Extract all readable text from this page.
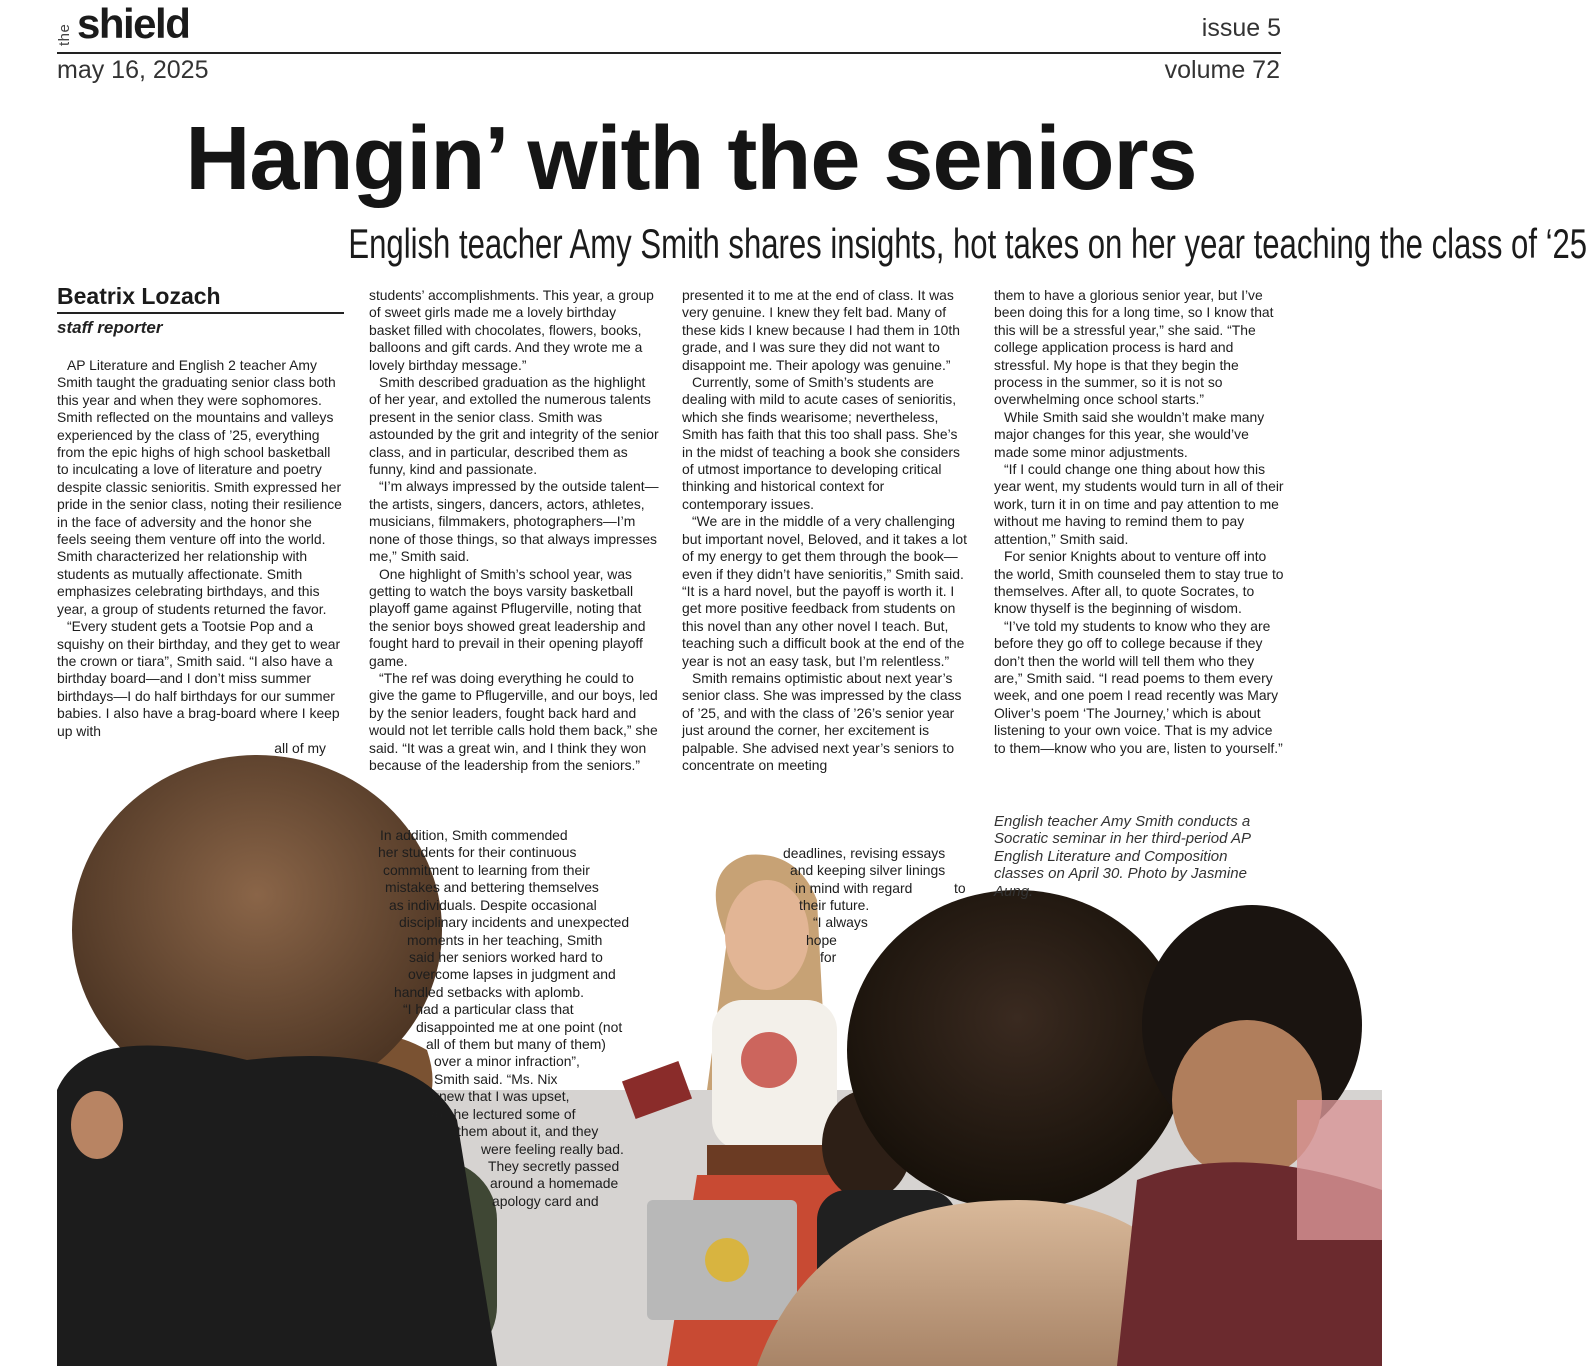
the shield	issue 5
may 16, 2025	volume 72
Hangin’ with the seniors
English teacher Amy Smith shares insights, hot takes on her year teaching the class of ‘25
Beatrix Lozach
staff reporter

AP Literature and English 2 teacher Amy Smith taught the graduating senior class both this year and when they were sophomores. Smith reflected on the mountains and valleys experienced by the class of ’25, everything from the epic highs of high school basketball to inculcating a love of literature and poetry despite classic senioritis. Smith expressed her pride in the senior class, noting their resilience in the face of adversity and the honor she feels seeing them venture off into the world. Smith characterized her relationship with students as mutually affectionate. Smith emphasizes celebrating birthdays, and this year, a group of students returned the favor.

“Every student gets a Tootsie Pop and a squishy on their birthday, and they get to wear the crown or tiara”, Smith said. “I also have a birthday board—and I don’t miss summer birthdays—I do half birthdays for our summer babies. I also have a brag-board where I keep up with

all of my

students’ accomplishments. This year, a group of sweet girls made me a lovely birthday basket filled with chocolates, flowers, books, balloons and gift cards. And they wrote me a lovely birthday message.”

Smith described graduation as the highlight of her year, and extolled the numerous talents present in the senior class. Smith was astounded by the grit and integrity of the senior class, and in particular, described them as funny, kind and passionate.

“I’m always impressed by the outside talent—the artists, singers, dancers, actors, athletes, musicians, filmmakers, photographers—I’m none of those things, so that always impresses me,” Smith said.

One highlight of Smith’s school year, was getting to watch the boys varsity basketball playoff game against Pflugerville, noting that the senior boys showed great leadership and fought hard to prevail in their opening playoff game.

“The ref was doing everything he could to give the game to Pflugerville, and our boys, led by the senior leaders, fought back hard and would not let terrible calls hold them back,” she said. “It was a great win, and I think they won because of the leadership from the seniors.”

In addition, Smith commended
her students for their continuous
commitment to learning from their
mistakes and bettering themselves
as individuals. Despite occasional
disciplinary incidents and unexpected
moments in her teaching, Smith
said her seniors worked hard to
overcome lapses in judgment and
handled setbacks with aplomb.
“I had a particular class that
disappointed me at one point (not
all of them but many of them)
over a minor infraction”,
Smith said. “Ms. Nix
knew that I was upset,
so she lectured some of
them about it, and they
were feeling really bad.
They secretly passed
around a homemade
apology card and

presented it to me at the end of class. It was very genuine. I knew they felt bad. Many of these kids I knew because I had them in 10th grade, and I was sure they did not want to disappoint me. Their apology was genuine.”

Currently, some of Smith’s students are dealing with mild to acute cases of senioritis, which she finds wearisome; nevertheless, Smith has faith that this too shall pass. She’s in the midst of teaching a book she considers of utmost importance to developing critical thinking and historical context for contemporary issues.

“We are in the middle of a very challenging but important novel, Beloved, and it takes a lot of my energy to get them through the book—even if they didn’t have senioritis,” Smith said. “It is a hard novel, but the payoff is worth it. I get more positive feedback from students on this novel than any other novel I teach. But, teaching such a difficult book at the end of the year is not an easy task, but I’m relentless.”

Smith remains optimistic about next year’s senior class. She was impressed by the class of ’25, and with the class of ’26’s senior year just around the corner, her excitement is palpable. She advised next year’s seniors to concentrate on meeting

deadlines, revising essays
and keeping silver linings
in mind with regard	to
their future.
“I always
hope
for

them to have a glorious senior year, but I’ve been doing this for a long time, so I know that this will be a stressful year,” she said. “The college application process is hard and stressful. My hope is that they begin the process in the summer, so it is not so overwhelming once school starts.”

While Smith said she wouldn’t make many major changes for this year, she would’ve made some minor adjustments.

“If I could change one thing about how this year went, my students would turn in all of their work, turn it in on time and pay attention to me without me having to remind them to pay attention,” Smith said.

For senior Knights about to venture off into the world, Smith counseled them to stay true to themselves. After all, to quote Socrates, to know thyself is the beginning of wisdom.

“I’ve told my students to know who they are before they go off to college because if they don’t then the world will tell them who they are,” Smith said. “I read poems to them every week, and one poem I read recently was Mary Oliver’s poem ‘The Journey,’ which is about listening to your own voice. That is my advice to them—know who you are, listen to yourself.”

English teacher Amy Smith conducts a Socratic seminar in her third-period AP English Literature and Composition classes on April 30. Photo by Jasmine Aung.
